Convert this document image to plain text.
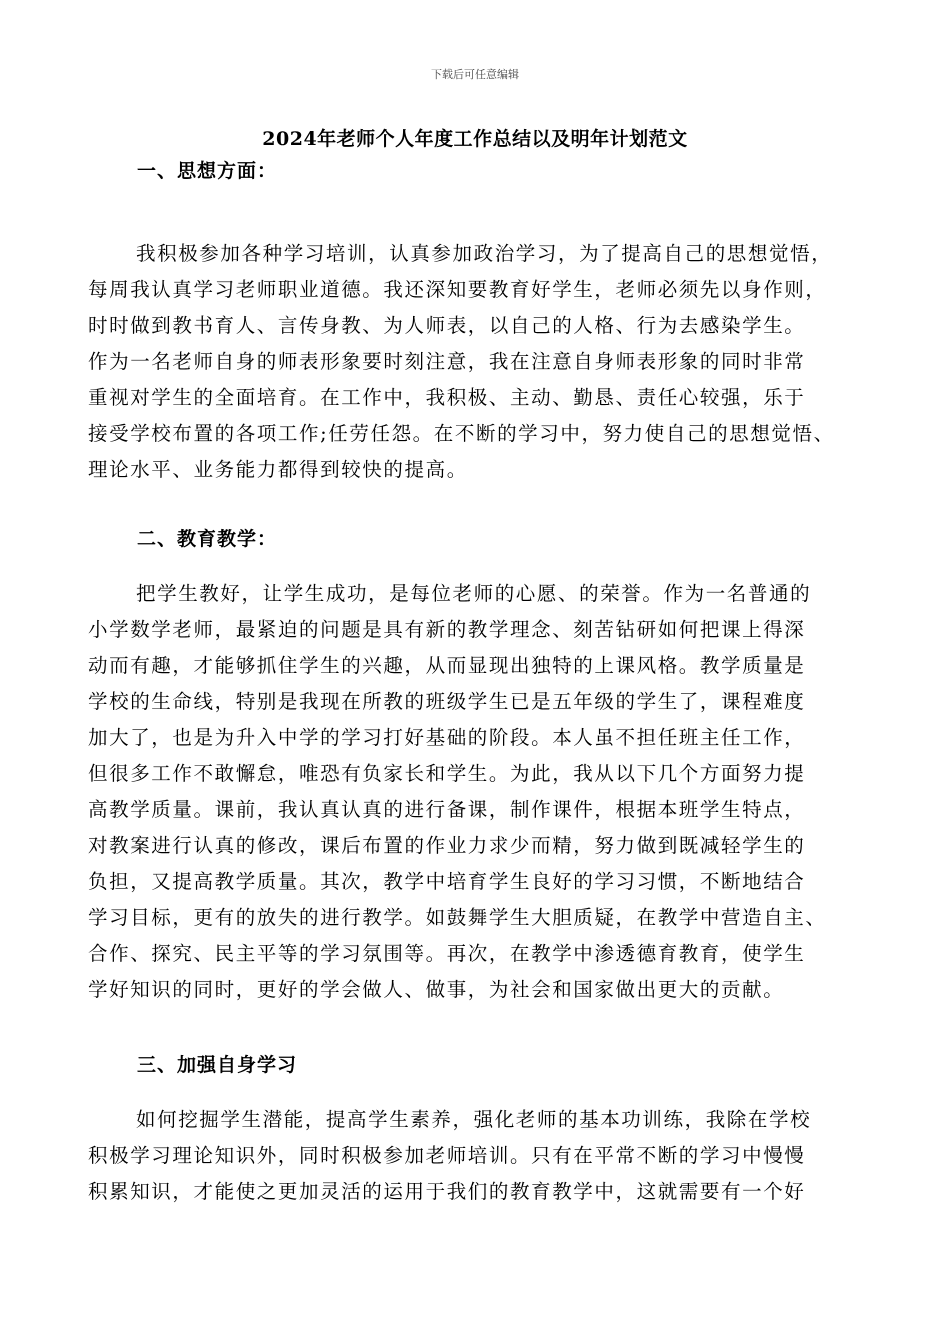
下载后可任意编辑
2024年老师个人年度工作总结以及明年计划范文
一、思想方面：
我积极参加各种学习培训，认真参加政治学习，为了提高自己的思想觉悟，
每周我认真学习老师职业道德。我还深知要教育好学生，老师必须先以身作则，
时时做到教书育人、言传身教、为人师表，以自己的人格、行为去感染学生。
作为一名老师自身的师表形象要时刻注意，我在注意自身师表形象的同时非常
重视对学生的全面培育。在工作中，我积极、主动、勤恳、责任心较强，乐于
接受学校布置的各项工作;任劳任怨。在不断的学习中，努力使自己的思想觉悟、
理论水平、业务能力都得到较快的提高。
二、教育教学：
把学生教好，让学生成功，是每位老师的心愿、的荣誉。作为一名普通的
小学数学老师，最紧迫的问题是具有新的教学理念、刻苦钻研如何把课上得深
动而有趣，才能够抓住学生的兴趣，从而显现出独特的上课风格。教学质量是
学校的生命线，特别是我现在所教的班级学生已是五年级的学生了，课程难度
加大了，也是为升入中学的学习打好基础的阶段。本人虽不担任班主任工作，
但很多工作不敢懈怠，唯恐有负家长和学生。为此，我从以下几个方面努力提
高教学质量。课前，我认真认真的进行备课，制作课件，根据本班学生特点，
对教案进行认真的修改，课后布置的作业力求少而精，努力做到既减轻学生的
负担，又提高教学质量。其次，教学中培育学生良好的学习习惯，不断地结合
学习目标，更有的放失的进行教学。如鼓舞学生大胆质疑，在教学中营造自主、
合作、探究、民主平等的学习氛围等。再次，在教学中渗透德育教育，使学生
学好知识的同时，更好的学会做人、做事，为社会和国家做出更大的贡献。
三、加强自身学习
如何挖掘学生潜能，提高学生素养，强化老师的基本功训练，我除在学校
积极学习理论知识外，同时积极参加老师培训。只有在平常不断的学习中慢慢
积累知识，才能使之更加灵活的运用于我们的教育教学中，这就需要有一个好
